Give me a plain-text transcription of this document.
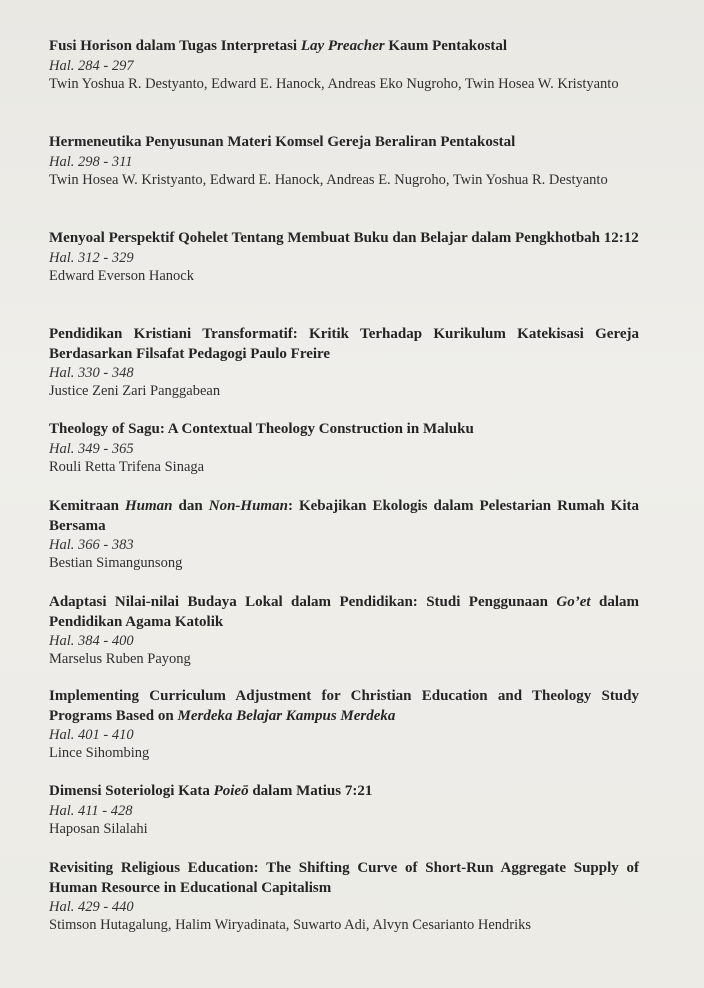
Fusi Horison dalam Tugas Interpretasi Lay Preacher Kaum Pentakostal
Hal. 284 - 297
Twin Yoshua R. Destyanto, Edward E. Hanock, Andreas Eko Nugroho, Twin Hosea W. Kristyanto
Hermeneutika Penyusunan Materi Komsel Gereja Beraliran Pentakostal
Hal. 298 - 311
Twin Hosea W. Kristyanto, Edward E. Hanock, Andreas E. Nugroho, Twin Yoshua R. Destyanto
Menyoal Perspektif Qohelet Tentang Membuat Buku dan Belajar dalam Pengkhotbah 12:12
Hal. 312 - 329
Edward Everson Hanock
Pendidikan Kristiani Transformatif: Kritik Terhadap Kurikulum Katekisasi Gereja Berdasarkan Filsafat Pedagogi Paulo Freire
Hal. 330 - 348
Justice Zeni Zari Panggabean
Theology of Sagu: A Contextual Theology Construction in Maluku
Hal. 349 - 365
Rouli Retta Trifena Sinaga
Kemitraan Human dan Non-Human: Kebajikan Ekologis dalam Pelestarian Rumah Kita Bersama
Hal. 366 - 383
Bestian Simangunsong
Adaptasi Nilai-nilai Budaya Lokal dalam Pendidikan: Studi Penggunaan Go’et dalam Pendidikan Agama Katolik
Hal. 384 - 400
Marselus Ruben Payong
Implementing Curriculum Adjustment for Christian Education and Theology Study Programs Based on Merdeka Belajar Kampus Merdeka
Hal. 401 - 410
Lince Sihombing
Dimensi Soteriologi Kata Poieō dalam Matius 7:21
Hal. 411 - 428
Haposan Silalahi
Revisiting Religious Education: The Shifting Curve of Short-Run Aggregate Supply of Human Resource in Educational Capitalism
Hal. 429 - 440
Stimson Hutagalung, Halim Wiryadinata, Suwarto Adi, Alvyn Cesarianto Hendriks
